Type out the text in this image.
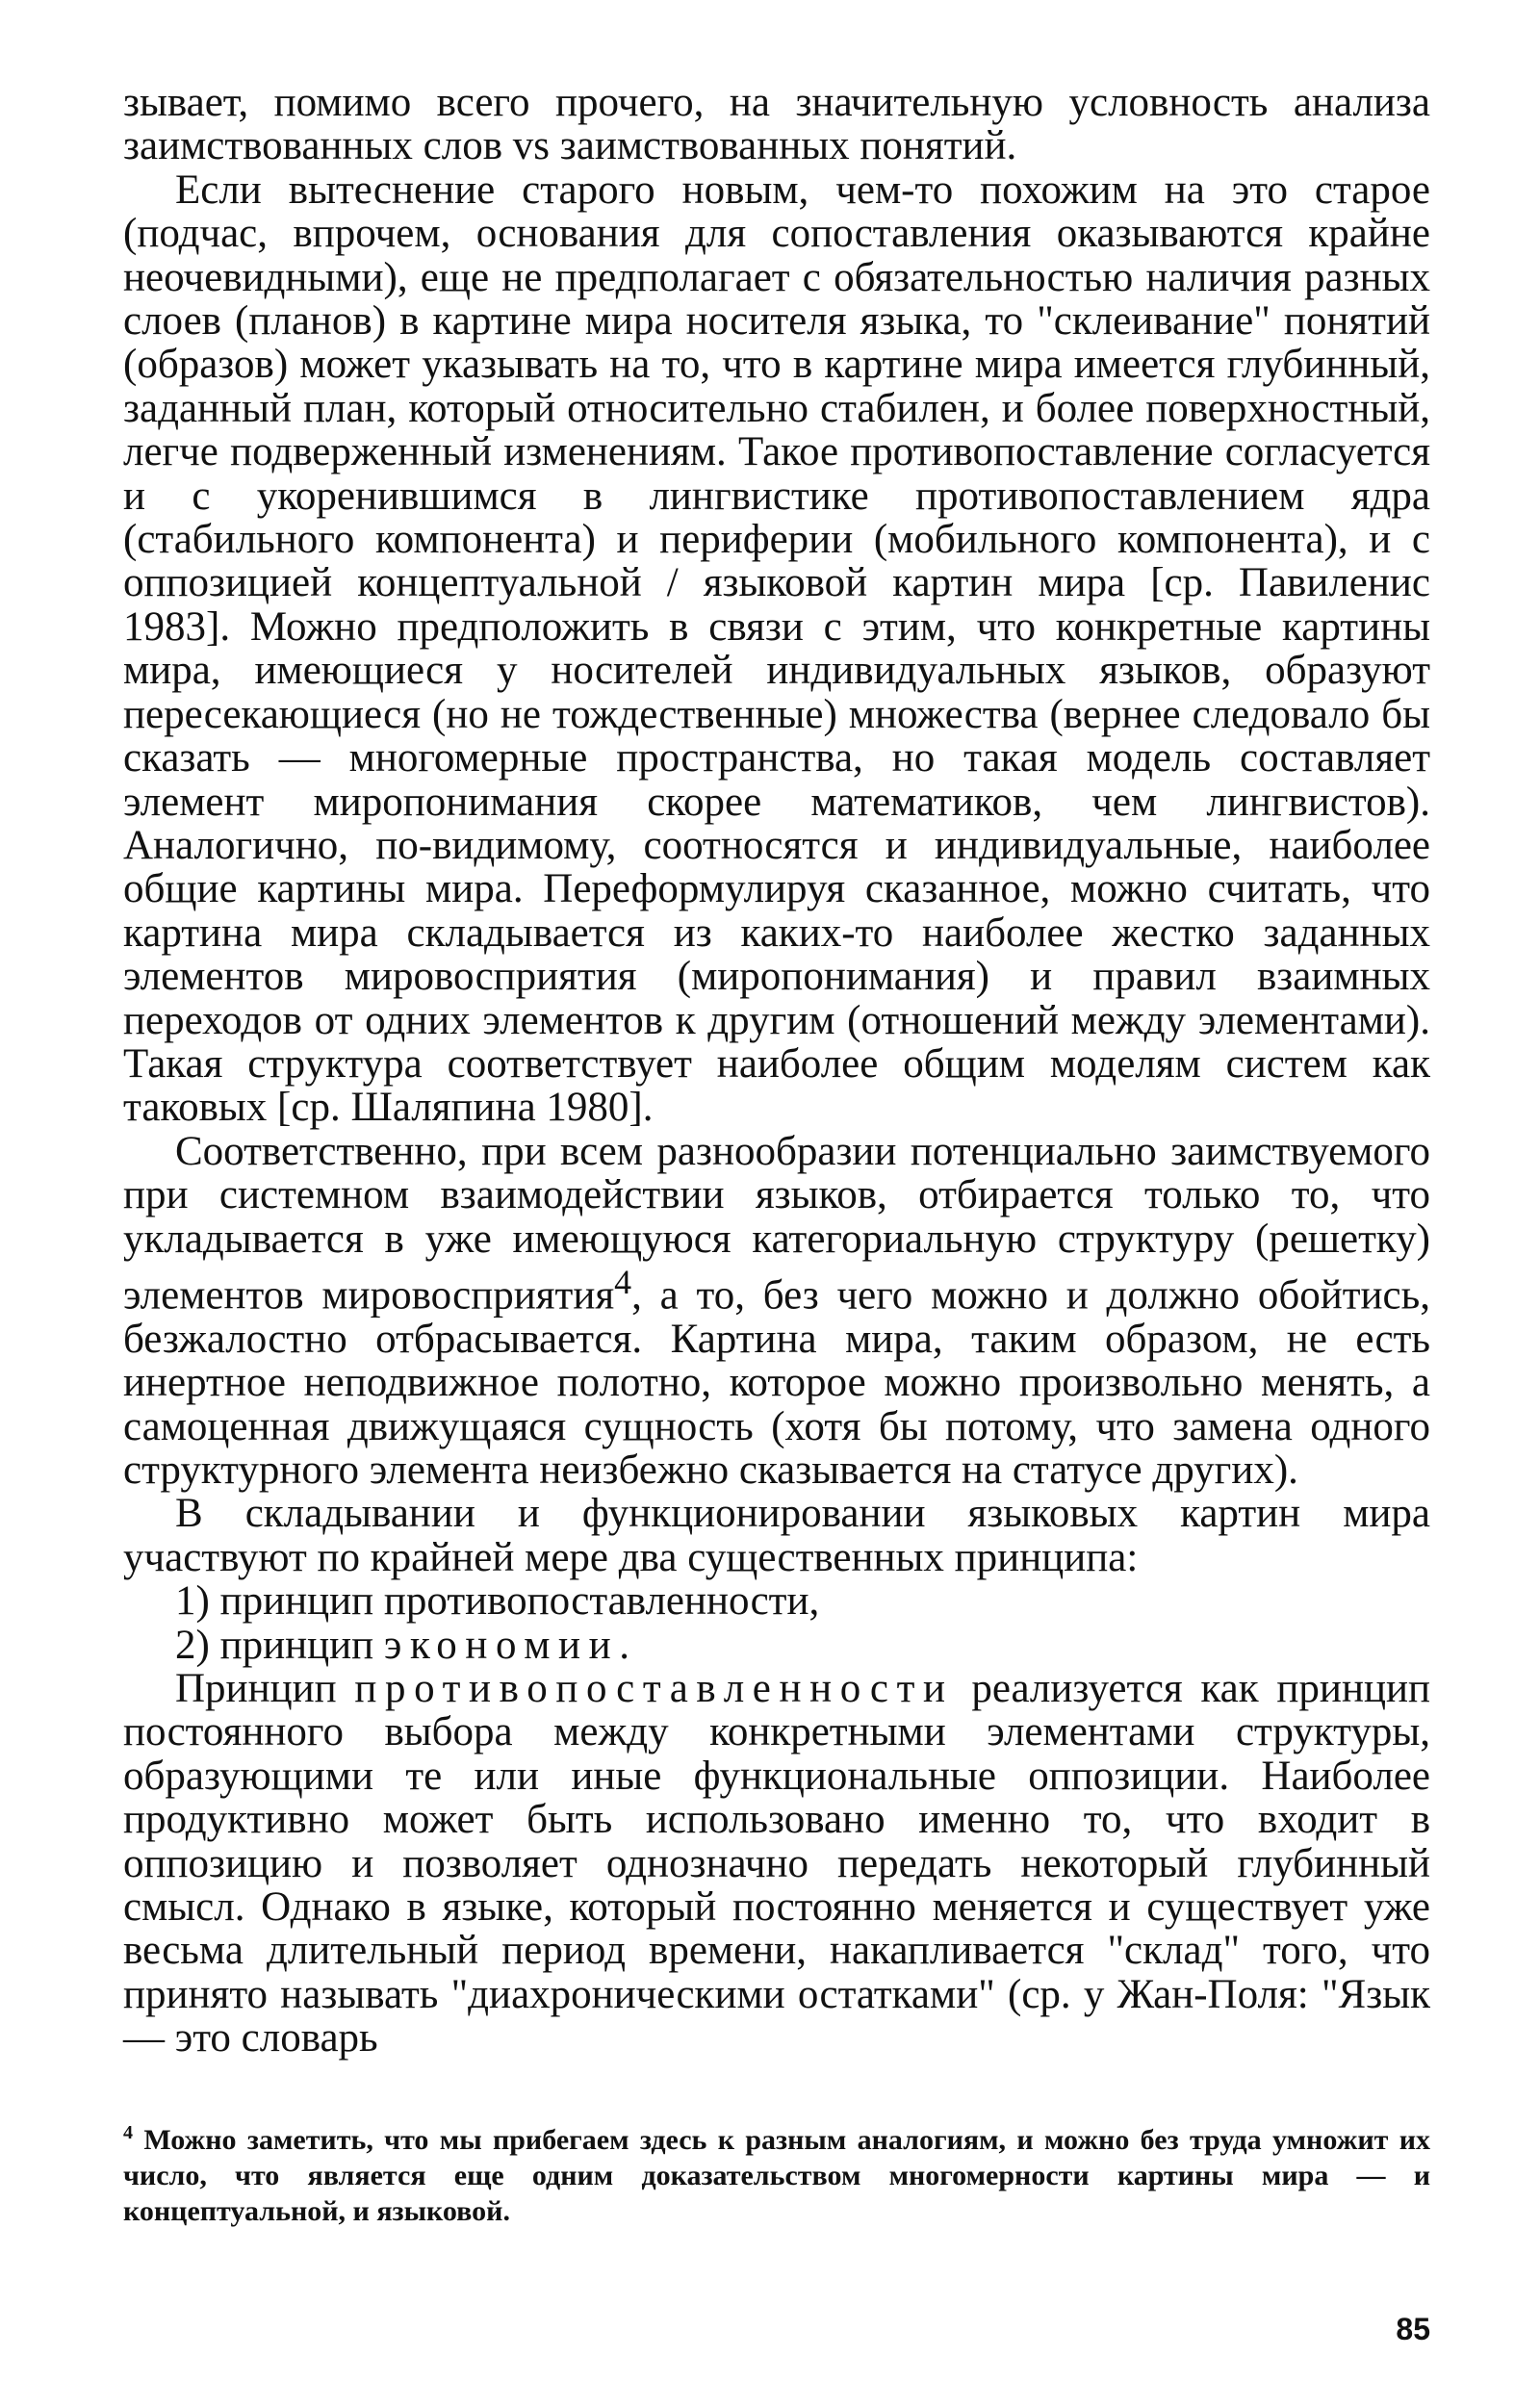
зывает, помимо всего прочего, на значительную условность анализа заимствованных слов vs заимствованных понятий.

Если вытеснение старого новым, чем-то похожим на это старое (подчас, впрочем, основания для сопоставления оказываются крайне неочевидными), еще не предполагает с обязательностью наличия разных слоев (планов) в картине мира носителя языка, то "склеивание" понятий (образов) может указывать на то, что в картине мира имеется глубинный, заданный план, который относительно стабилен, и более поверхностный, легче подверженный изменениям. Такое противопоставление согласуется и с укоренившимся в лингвистике противопоставлением ядра (стабильного компонента) и периферии (мобильного компонента), и с оппозицией концептуальной / языковой картин мира [ср. Павиленис 1983]. Можно предположить в связи с этим, что конкретные картины мира, имеющиеся у носителей индивидуальных языков, образуют пересекающиеся (но не тождественные) множества (вернее следовало бы сказать — многомерные пространства, но такая модель составляет элемент миропонимания скорее математиков, чем лингвистов). Аналогично, по-видимому, соотносятся и индивидуальные, наиболее общие картины мира. Переформулируя сказанное, можно считать, что картина мира складывается из каких-то наиболее жестко заданных элементов мировосприятия (миропонимания) и правил взаимных переходов от одних элементов к другим (отношений между элементами). Такая структура соответствует наиболее общим моделям систем как таковых [ср. Шаляпина 1980].

Соответственно, при всем разнообразии потенциально заимствуемого при системном взаимодействии языков, отбирается только то, что укладывается в уже имеющуюся категориальную структуру (решетку) элементов мировосприятия$^4$, а то, без чего можно и должно обойтись, безжалостно отбрасывается. Картина мира, таким образом, не есть инертное неподвижное полотно, которое можно произвольно менять, а самоценная движущаяся сущность (хотя бы потому, что замена одного структурного элемента неизбежно сказывается на статусе других).

В складывании и функционировании языковых картин мира участвуют по крайней мере два существенных принципа:

1) принцип противопоставленности,

2) принцип экономии.

Принцип противопоставленности реализуется как принцип постоянного выбора между конкретными элементами структуры, образующими те или иные функциональные оппозиции. Наиболее продуктивно может быть использовано именно то, что входит в оппозицию и позволяет однозначно передать некоторый глубинный смысл. Однако в языке, который постоянно меняется и существует уже весьма длительный период времени, накапливается "склад" того, что принято называть "диахроническими остатками" (ср. у Жан-Поля: "Язык — это словарь

$^4$ Можно заметить, что мы прибегаем здесь к разным аналогиям, и можно без труда умножит их число, что является еще одним доказательством многомерности картины мира — и концептуальной, и языковой.

85
